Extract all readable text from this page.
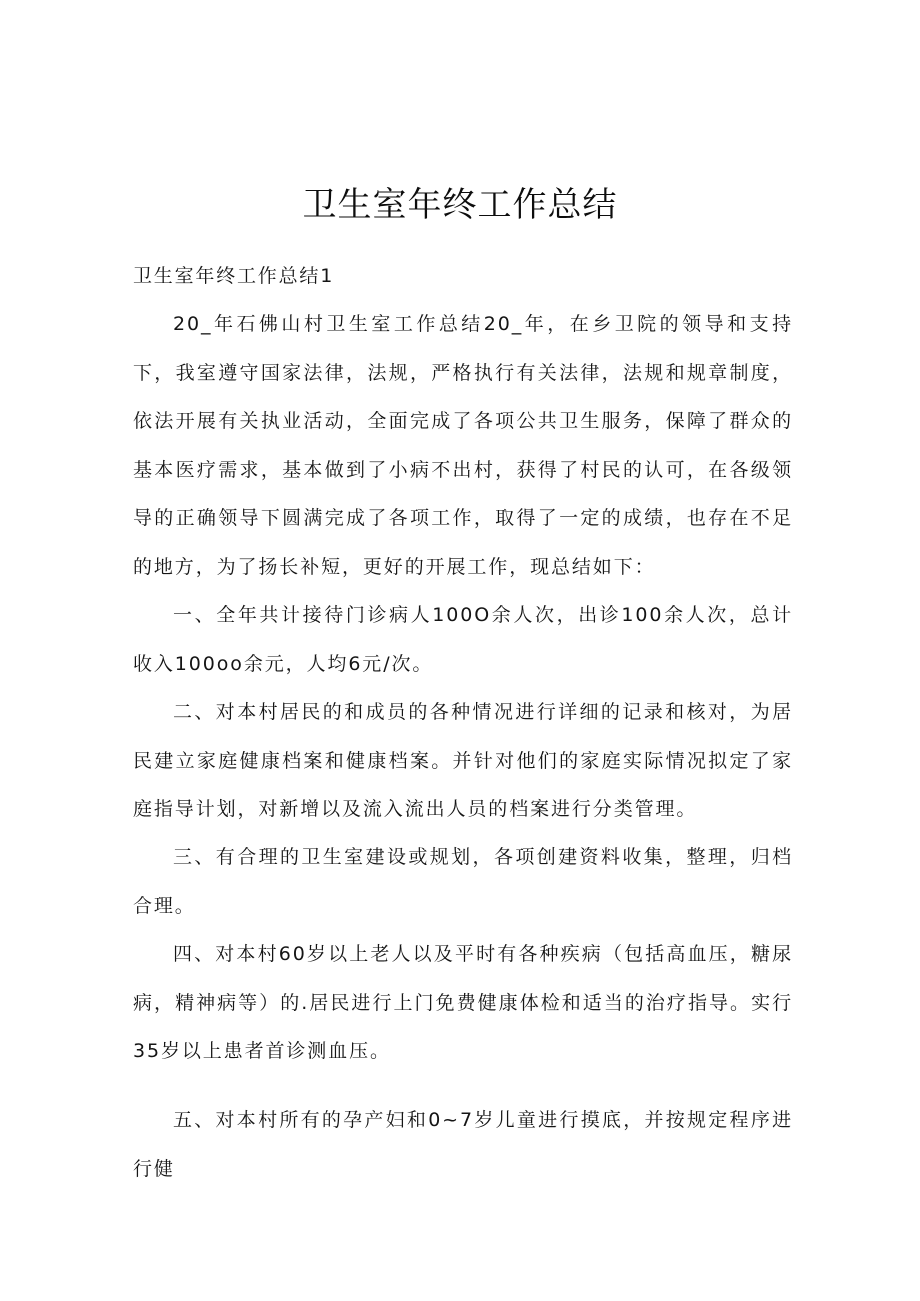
卫生室年终工作总结

卫生室年终工作总结1

20_年石佛山村卫生室工作总结20_年，在乡卫院的领导和支持下，我室遵守国家法律，法规，严格执行有关法律，法规和规章制度，依法开展有关执业活动，全面完成了各项公共卫生服务，保障了群众的基本医疗需求，基本做到了小病不出村，获得了村民的认可，在各级领导的正确领导下圆满完成了各项工作，取得了一定的成绩，也存在不足的地方，为了扬长补短，更好的开展工作，现总结如下：

一、全年共计接待门诊病人100O余人次，出诊100余人次，总计收入100oo余元，人均6元/次。

二、对本村居民的和成员的各种情况进行详细的记录和核对，为居民建立家庭健康档案和健康档案。并针对他们的家庭实际情况拟定了家庭指导计划，对新增以及流入流出人员的档案进行分类管理。

三、有合理的卫生室建设或规划，各项创建资料收集，整理，归档合理。

四、对本村60岁以上老人以及平时有各种疾病（包括高血压，糖尿病，精神病等）的.居民进行上门免费健康体检和适当的治疗指导。实行35岁以上患者首诊测血压。

五、对本村所有的孕产妇和0~7岁儿童进行摸底，并按规定程序进行健
